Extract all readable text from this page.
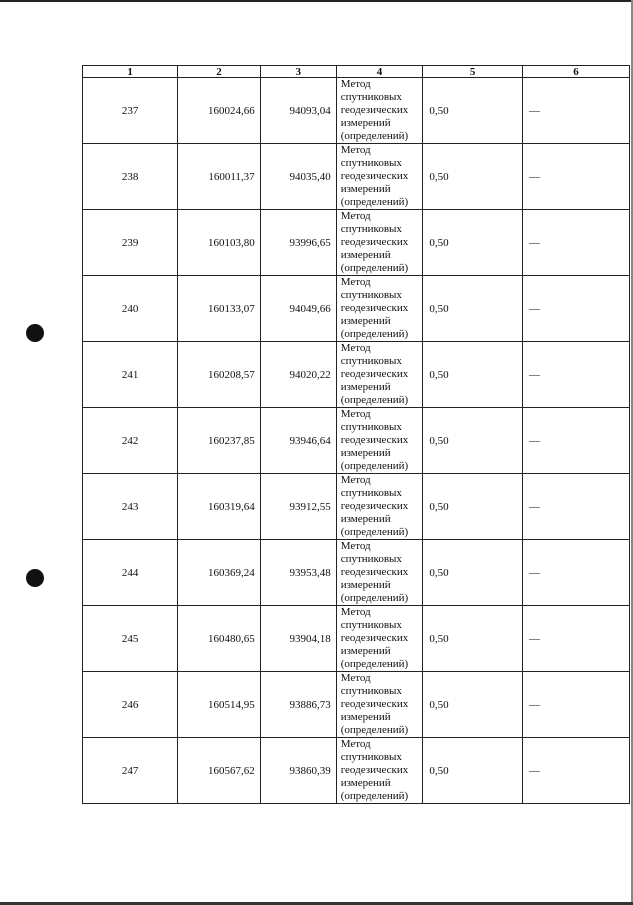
1	2	3	4	5	6
237	160024,66	94093,04	Метод
спутниковых
геодезических
измерений
(определений)	0,50	—
238	160011,37	94035,40	Метод
спутниковых
геодезических
измерений
(определений)	0,50	—
239	160103,80	93996,65	Метод
спутниковых
геодезических
измерений
(определений)	0,50	—
240	160133,07	94049,66	Метод
спутниковых
геодезических
измерений
(определений)	0,50	—
241	160208,57	94020,22	Метод
спутниковых
геодезических
измерений
(определений)	0,50	—
242	160237,85	93946,64	Метод
спутниковых
геодезических
измерений
(определений)	0,50	—
243	160319,64	93912,55	Метод
спутниковых
геодезических
измерений
(определений)	0,50	—
244	160369,24	93953,48	Метод
спутниковых
геодезических
измерений
(определений)	0,50	—
245	160480,65	93904,18	Метод
спутниковых
геодезических
измерений
(определений)	0,50	—
246	160514,95	93886,73	Метод
спутниковых
геодезических
измерений
(определений)	0,50	—
247	160567,62	93860,39	Метод
спутниковых
геодезических
измерений
(определений)	0,50	—
